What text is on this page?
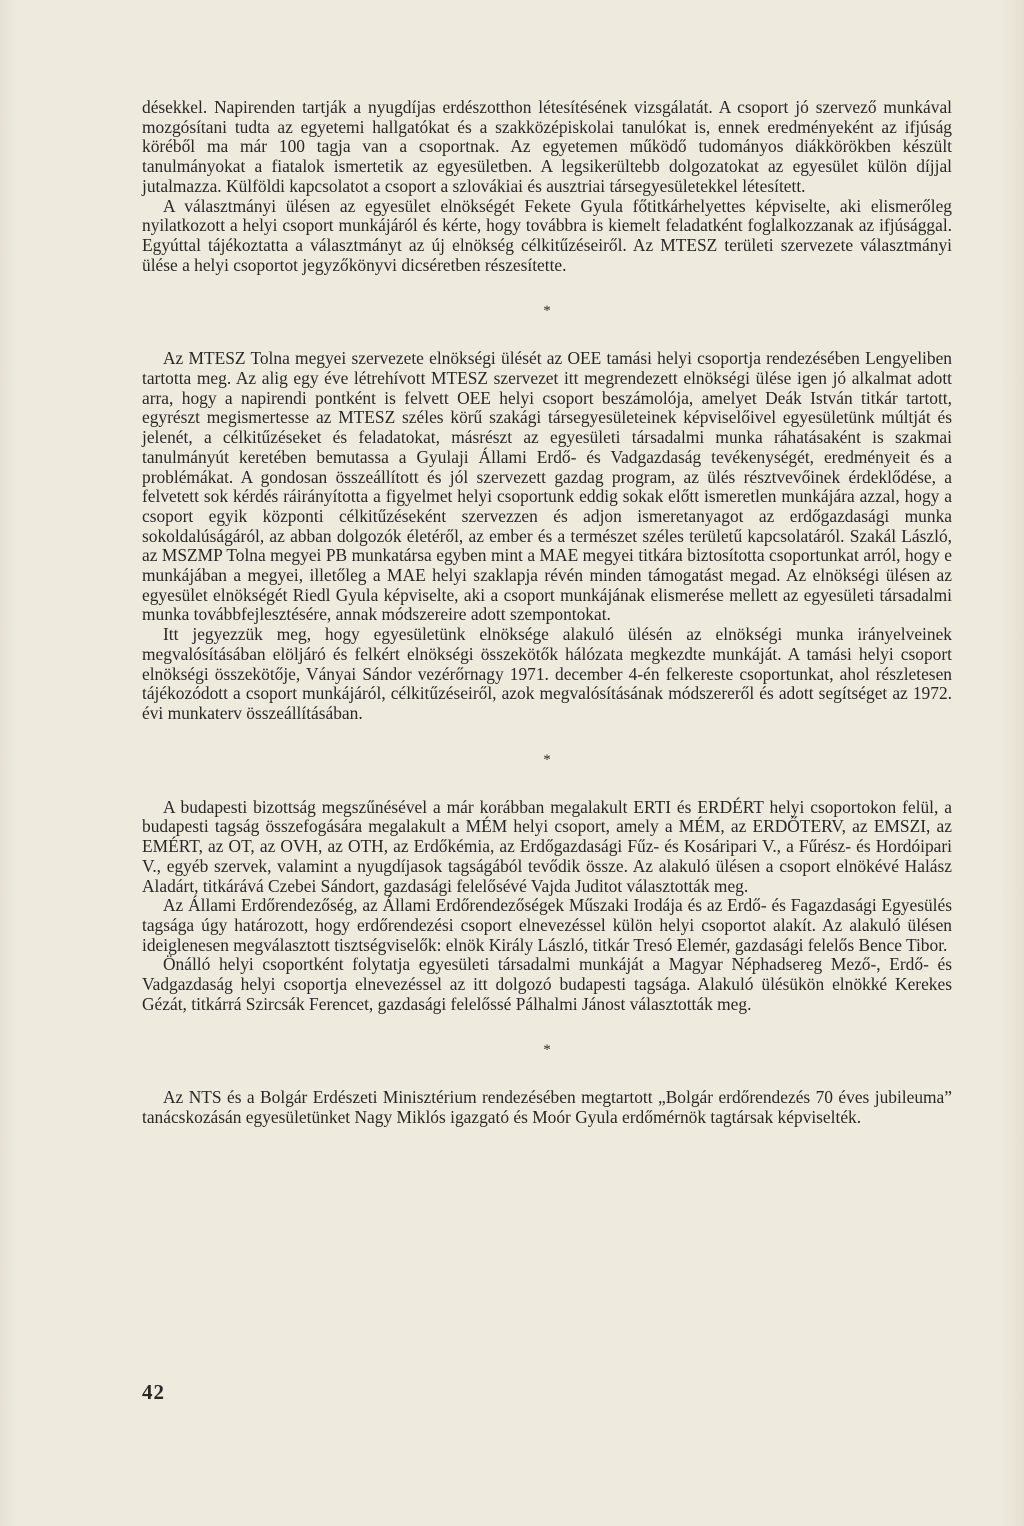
désekkel. Napirenden tartják a nyugdíjas erdészotthon létesítésének vizsgálatát. A csoport jó szervező munkával mozgósítani tudta az egyetemi hallgatókat és a szakközépiskolai tanulókat is, ennek eredményeként az ifjúság köréből ma már 100 tagja van a csoportnak. Az egyetemen működő tudományos diákkörökben készült tanulmányokat a fiatalok ismertetik az egyesületben. A legsikerültebb dolgozatokat az egyesület külön díjjal jutalmazza. Külföldi kapcsolatot a csoport a szlovákiai és ausztriai társegyesületekkel létesített.

A választmányi ülésen az egyesület elnökségét Fekete Gyula főtitkárhelyettes képviselte, aki elismerőleg nyilatkozott a helyi csoport munkájáról és kérte, hogy továbbra is kiemelt feladatként foglalkozzanak az ifjúsággal. Egyúttal tájékoztatta a választmányt az új elnökség célkitűzéseiről. Az MTESZ területi szervezete választmányi ülése a helyi csoportot jegyzőkönyvi dicséretben részesítette.

*

Az MTESZ Tolna megyei szervezete elnökségi ülését az OEE tamási helyi csoportja rendezésében Lengyeliben tartotta meg. Az alig egy éve létrehívott MTESZ szervezet itt megrendezett elnökségi ülése igen jó alkalmat adott arra, hogy a napirendi pontként is felvett OEE helyi csoport beszámolója, amelyet Deák István titkár tartott, egyrészt megismertesse az MTESZ széles körű szakági társegyesületeinek képviselőivel egyesületünk múltját és jelenét, a célkitűzéseket és feladatokat, másrészt az egyesületi társadalmi munka ráhatásaként is szakmai tanulmányút keretében bemutassa a Gyulaji Állami Erdő- és Vadgazdaság tevékenységét, eredményeit és a problémákat. A gondosan összeállított és jól szervezett gazdag program, az ülés résztvevőinek érdeklődése, a felvetett sok kérdés ráirányította a figyelmet helyi csoportunk eddig sokak előtt ismeretlen munkájára azzal, hogy a csoport egyik központi célkitűzéseként szervezzen és adjon ismeretanyagot az erdőgazdasági munka sokoldalúságáról, az abban dolgozók életéről, az ember és a természet széles területű kapcsolatáról. Szakál László, az MSZMP Tolna megyei PB munkatársa egyben mint a MAE megyei titkára biztosította csoportunkat arról, hogy e munkájában a megyei, illetőleg a MAE helyi szaklapja révén minden támogatást megad. Az elnökségi ülésen az egyesület elnökségét Riedl Gyula képviselte, aki a csoport munkájának elismerése mellett az egyesületi társadalmi munka továbbfejlesztésére, annak módszereire adott szempontokat.

Itt jegyezzük meg, hogy egyesületünk elnöksége alakuló ülésén az elnökségi munka irányelveinek megvalósításában elöljáró és felkért elnökségi összekötők hálózata megkezdte munkáját. A tamási helyi csoport elnökségi összekötője, Ványai Sándor vezérőrnagy 1971. december 4-én felkereste csoportunkat, ahol részletesen tájékozódott a csoport munkájáról, célkitűzéseiről, azok megvalósításának módszereről és adott segítséget az 1972. évi munkaterv összeállításában.

*

A budapesti bizottság megszűnésével a már korábban megalakult ERTI és ERDÉRT helyi csoportokon felül, a budapesti tagság összefogására megalakult a MÉM helyi csoport, amely a MÉM, az ERDŐTERV, az EMSZI, az EMÉRT, az OT, az OVH, az OTH, az Erdőkémia, az Erdőgazdasági Fűz- és Kosáripari V., a Fűrész- és Hordóipari V., egyéb szervek, valamint a nyugdíjasok tagságából tevődik össze. Az alakuló ülésen a csoport elnökévé Halász Aladárt, titkárává Czebei Sándort, gazdasági felelősévé Vajda Juditot választották meg.

Az Állami Erdőrendezőség, az Állami Erdőrendezőségek Műszaki Irodája és az Erdő- és Fagazdasági Egyesülés tagsága úgy határozott, hogy erdőrendezési csoport elnevezéssel külön helyi csoportot alakít. Az alakuló ülésen ideiglenesen megválasztott tisztségviselők: elnök Király László, titkár Tresó Elemér, gazdasági felelős Bence Tibor.

Önálló helyi csoportként folytatja egyesületi társadalmi munkáját a Magyar Néphadsereg Mező-, Erdő- és Vadgazdaság helyi csoportja elnevezéssel az itt dolgozó budapesti tagsága. Alakuló ülésükön elnökké Kerekes Gézát, titkárrá Szircsák Ferencet, gazdasági felelőssé Pálhalmi Jánost választották meg.

*

Az NTS és a Bolgár Erdészeti Minisztérium rendezésében megtartott „Bolgár erdőrendezés 70 éves jubileuma” tanácskozásán egyesületünket Nagy Miklós igazgató és Moór Gyula erdőmérnök tagtársak képviselték.

42
